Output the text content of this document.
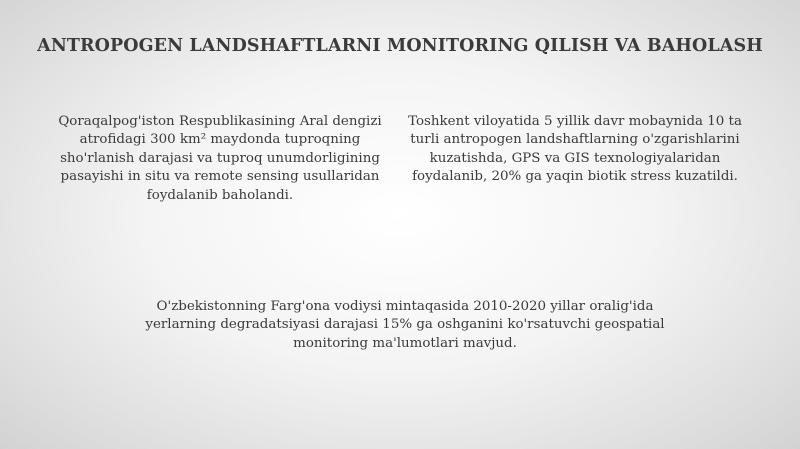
ANTROPOGEN LANDSHAFTLARNI MONITORING QILISH VA BAHOLASH

Qoraqalpog'iston Respublikasining Aral dengizi atrofidagi 300 km² maydonda tuproqning sho'rlanish darajasi va tuproq unumdorligining pasayishi in situ va remote sensing usullaridan foydalanib baholandi.

Toshkent viloyatida 5 yillik davr mobaynida 10 ta turli antropogen landshaftlarning o'zgarishlarini kuzatishda, GPS va GIS texnologiyalaridan foydalanib, 20% ga yaqin biotik stress kuzatildi.

O'zbekistonning Farg'ona vodiysi mintaqasida 2010-2020 yillar oralig'ida yerlarning degradatsiyasi darajasi 15% ga oshganini ko'rsatuvchi geospatial monitoring ma'lumotlari mavjud.
